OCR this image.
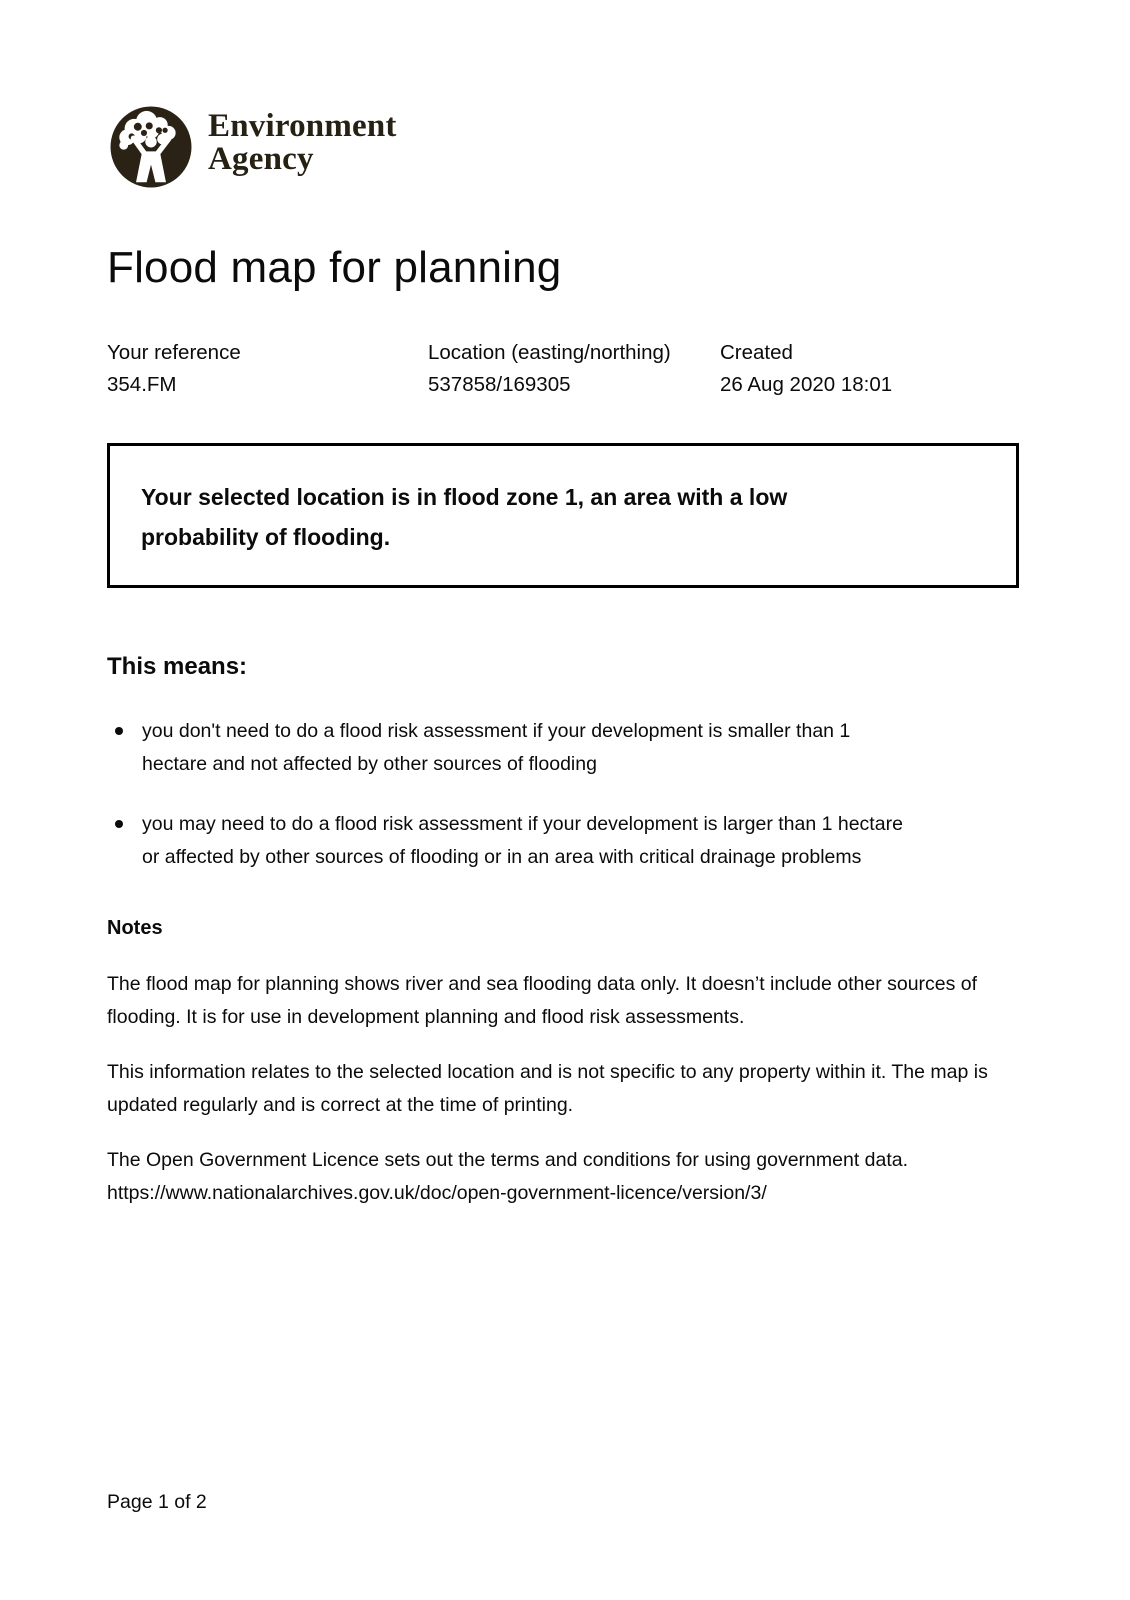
Environment
Agency
Flood map for planning
Your reference
354.FM
Location (easting/northing)
537858/169305
Created
26 Aug 2020 18:01

Your selected location is in flood zone 1, an area with a low probability of flooding.

This means:
you don't need to do a flood risk assessment if your development is smaller than 1 hectare and not affected by other sources of flooding
you may need to do a flood risk assessment if your development is larger than 1 hectare or affected by other sources of flooding or in an area with critical drainage problems
Notes

The flood map for planning shows river and sea flooding data only. It doesn’t include other sources of flooding. It is for use in development planning and flood risk assessments.

This information relates to the selected location and is not specific to any property within it. The map is updated regularly and is correct at the time of printing.

The Open Government Licence sets out the terms and conditions for using government data. https://www.nationalarchives.gov.uk/doc/open-government-licence/version/3/

Page 1 of 2
